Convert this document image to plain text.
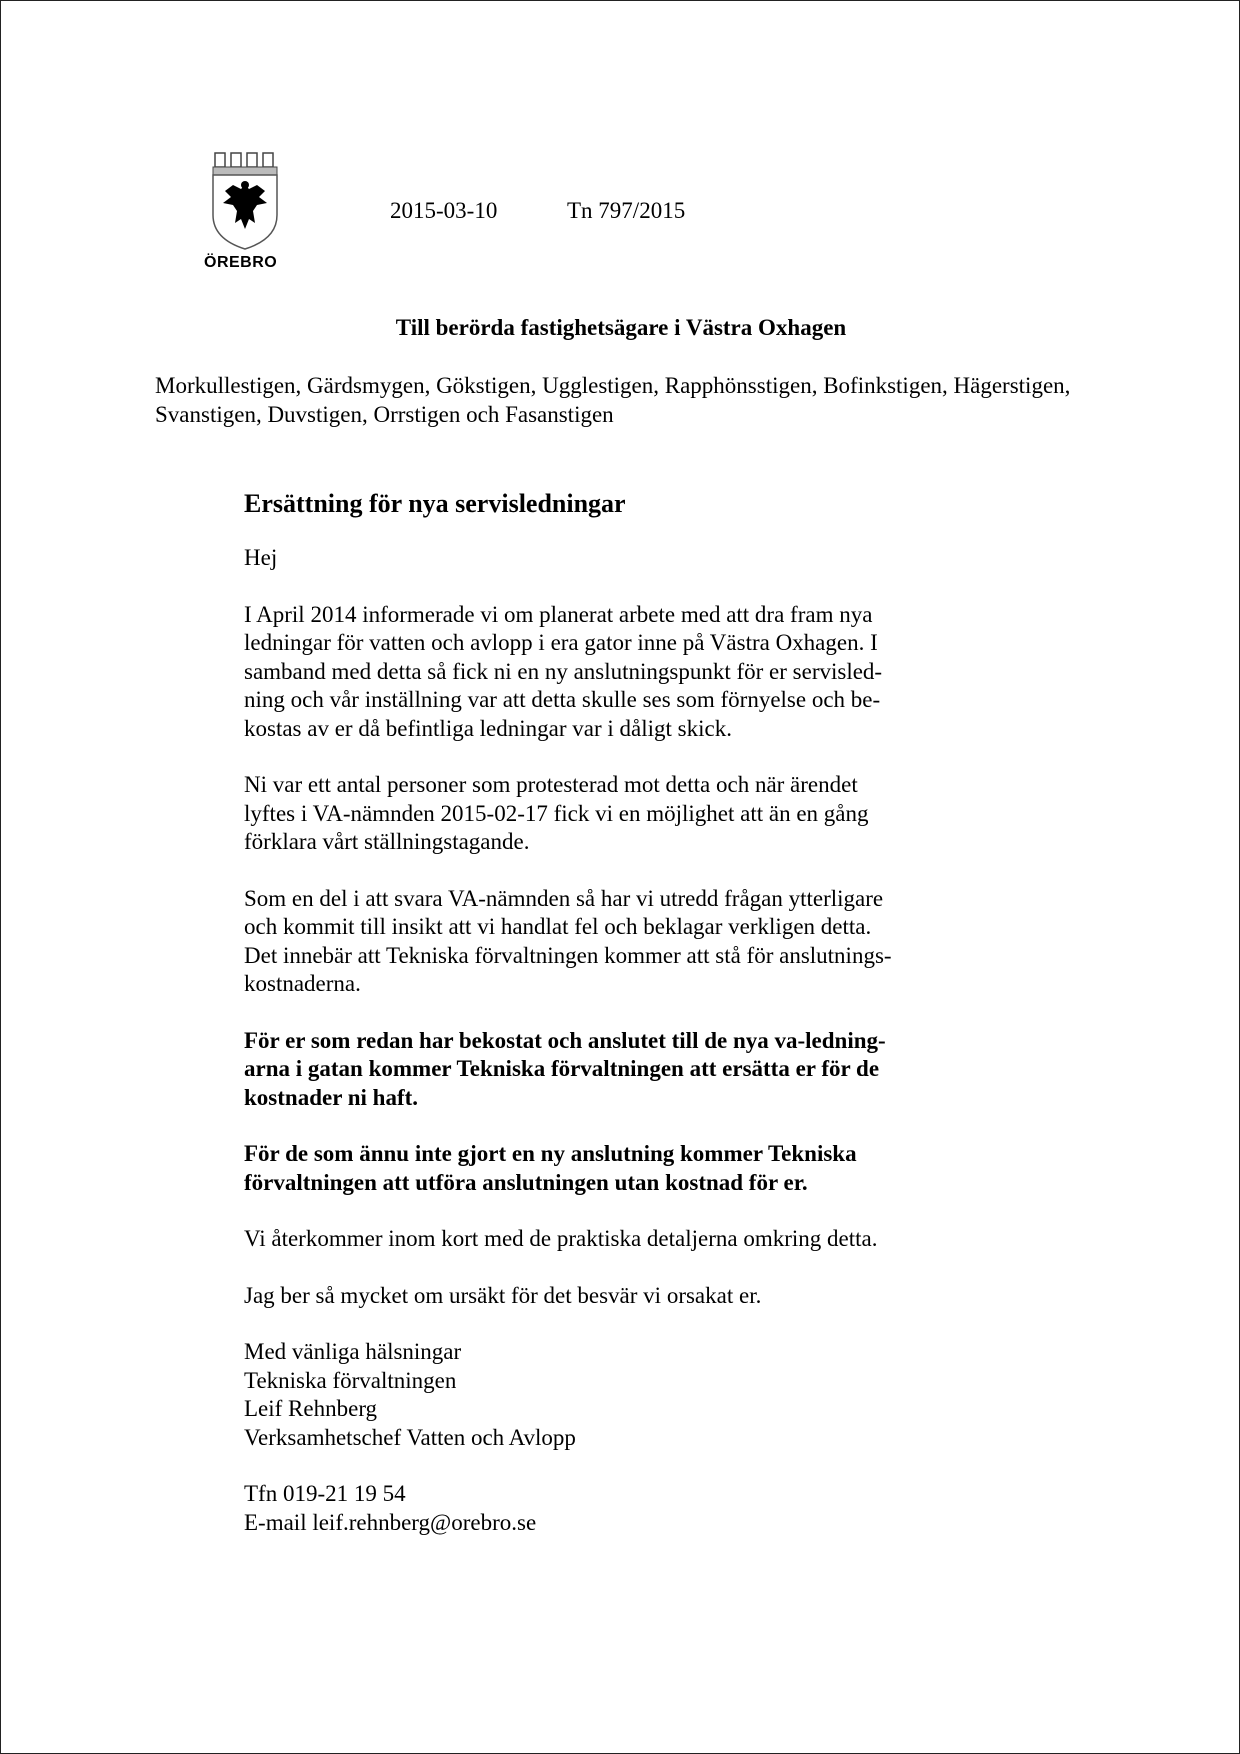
ÖREBRO
2015-03-10	Tn 797/2015
Till berörda fastighetsägare i Västra Oxhagen
Morkullestigen, Gärdsmygen, Gökstigen, Ugglestigen, Rapphönsstigen, Bofinkstigen, Hägerstigen, Svanstigen, Duvstigen, Orrstigen och Fasanstigen
Ersättning för nya servisledningar

Hej

I April 2014 informerade vi om planerat arbete med att dra fram nya
ledningar för vatten och avlopp i era gator inne på Västra Oxhagen. I
samband med detta så fick ni en ny anslutningspunkt för er servisled-
ning och vår inställning var att detta skulle ses som förnyelse och be-
kostas av er då befintliga ledningar var i dåligt skick.

Ni var ett antal personer som protesterad mot detta och när ärendet
lyftes i VA-nämnden 2015-02-17 fick vi en möjlighet att än en gång
förklara vårt ställningstagande.

Som en del i att svara VA-nämnden så har vi utredd frågan ytterligare
och kommit till insikt att vi handlat fel och beklagar verkligen detta.
Det innebär att Tekniska förvaltningen kommer att stå för anslutnings-
kostnaderna.

För er som redan har bekostat och anslutet till de nya va-ledning-
arna i gatan kommer Tekniska förvaltningen att ersätta er för de
kostnader ni haft.

För de som ännu inte gjort en ny anslutning kommer Tekniska
förvaltningen att utföra anslutningen utan kostnad för er.

Vi återkommer inom kort med de praktiska detaljerna omkring detta.

Jag ber så mycket om ursäkt för det besvär vi orsakat er.

Med vänliga hälsningar
Tekniska förvaltningen
Leif Rehnberg
Verksamhetschef Vatten och Avlopp

Tfn 019-21 19 54
E-mail leif.rehnberg@orebro.se
